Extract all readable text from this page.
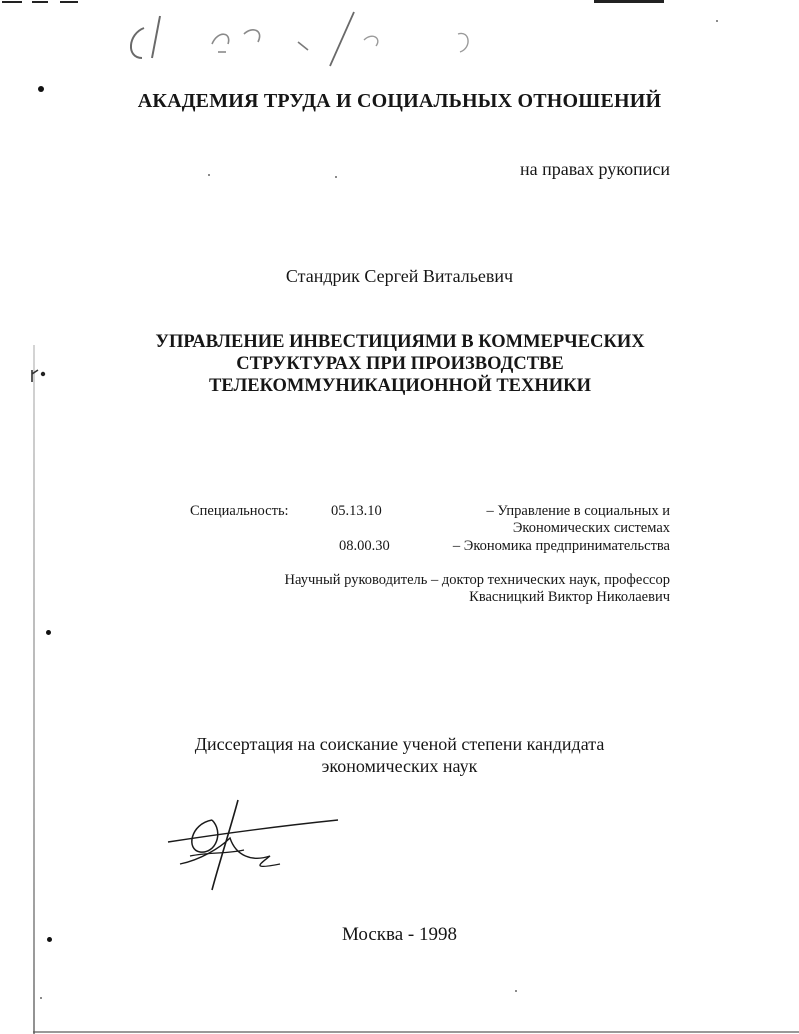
АКАДЕМИЯ ТРУДА И СОЦИАЛЬНЫХ ОТНОШЕНИЙ
на правах рукописи
Стандрик Сергей Витальевич
УПРАВЛЕНИЕ ИНВЕСТИЦИЯМИ В КОММЕРЧЕСКИХ
СТРУКТУРАХ ПРИ ПРОИЗВОДСТВЕ
ТЕЛЕКОММУНИКАЦИОННОЙ ТЕХНИКИ
Специальность:	05.13.10	– Управление в социальных и
Экономических системах
08.00.30	– Экономика предпринимательства
Научный руководитель – доктор технических наук, профессор
Квасницкий Виктор Николаевич
Диссертация на соискание ученой степени кандидата
экономических наук
Москва - 1998
